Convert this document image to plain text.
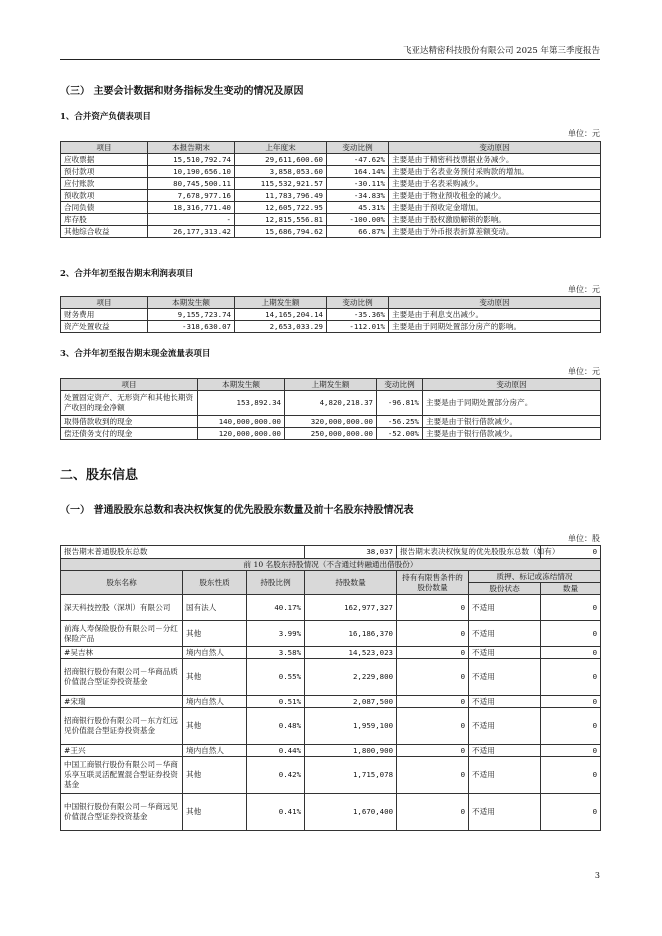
飞亚达精密科技股份有限公司 2025 年第三季度报告
（三） 主要会计数据和财务指标发生变动的情况及原因
1、合并资产负债表项目
单位：元
项目	本报告期末	上年度末	变动比例	变动原因
应收票据	15,510,792.74	29,611,600.60	-47.62%	主要是由于精密科技票据业务减少。
预付款项	10,190,656.10	3,858,053.60	164.14%	主要是由于名表业务预付采购款的增加。
应付账款	80,745,500.11	115,532,921.57	-30.11%	主要是由于名表采购减少。
预收款项	7,678,977.16	11,783,796.49	-34.83%	主要是由于物业预收租金的减少。
合同负债	18,316,771.40	12,605,722.95	45.31%	主要是由于预收定金增加。
库存股	-	12,815,556.81	-100.00%	主要是由于股权激励解锁的影响。
其他综合收益	26,177,313.42	15,686,794.62	66.87%	主要是由于外币报表折算差额变动。
2、合并年初至报告期末利润表项目
单位：元
项目	本期发生额	上期发生额	变动比例	变动原因
财务费用	9,155,723.74	14,165,204.14	-35.36%	主要是由于利息支出减少。
资产处置收益	-318,630.07	2,653,033.29	-112.01%	主要是由于同期处置部分房产的影响。
3、合并年初至报告期末现金流量表项目
单位：元
项目	本期发生额	上期发生额	变动比例	变动原因
处置固定资产、无形资产和其他长期资产收回的现金净额	153,892.34	4,820,218.37	-96.81%	主要是由于同期处置部分房产。
取得借款收到的现金	140,000,000.00	320,000,000.00	-56.25%	主要是由于银行借款减少。
偿还债务支付的现金	120,000,000.00	250,000,000.00	-52.00%	主要是由于银行借款减少。
二、股东信息
（一） 普通股股东总数和表决权恢复的优先股股东数量及前十名股东持股情况表
单位：股
报告期末普通股股东总数			38,037	报告期末表决权恢复的优先股股东总数（如有）		0
前 10 名股东持股情况（不含通过转融通出借股份）						
股东名称	股东性质	持股比例	持股数量	持有有限售条件的股份数量	质押、标记或冻结情况	
					股份状态	数量
深天科技控股（深圳）有限公司	国有法人	40.17%	162,977,327	0	不适用	0
前海人寿保险股份有限公司－分红保险产品	其他	3.99%	16,186,370	0	不适用	0
#吴吉林	境内自然人	3.58%	14,523,023	0	不适用	0
招商银行股份有限公司－华商品质价值混合型证券投资基金	其他	0.55%	2,229,800	0	不适用	0
#宋瑞	境内自然人	0.51%	2,087,500	0	不适用	0
招商银行股份有限公司－东方红远见价值混合型证券投资基金	其他	0.48%	1,959,100	0	不适用	0
#王兴	境内自然人	0.44%	1,800,900	0	不适用	0
中国工商银行股份有限公司－华商乐享互联灵活配置混合型证券投资基金	其他	0.42%	1,715,078	0	不适用	0
中国银行股份有限公司－华商远见价值混合型证券投资基金	其他	0.41%	1,670,400	0	不适用	0
3
